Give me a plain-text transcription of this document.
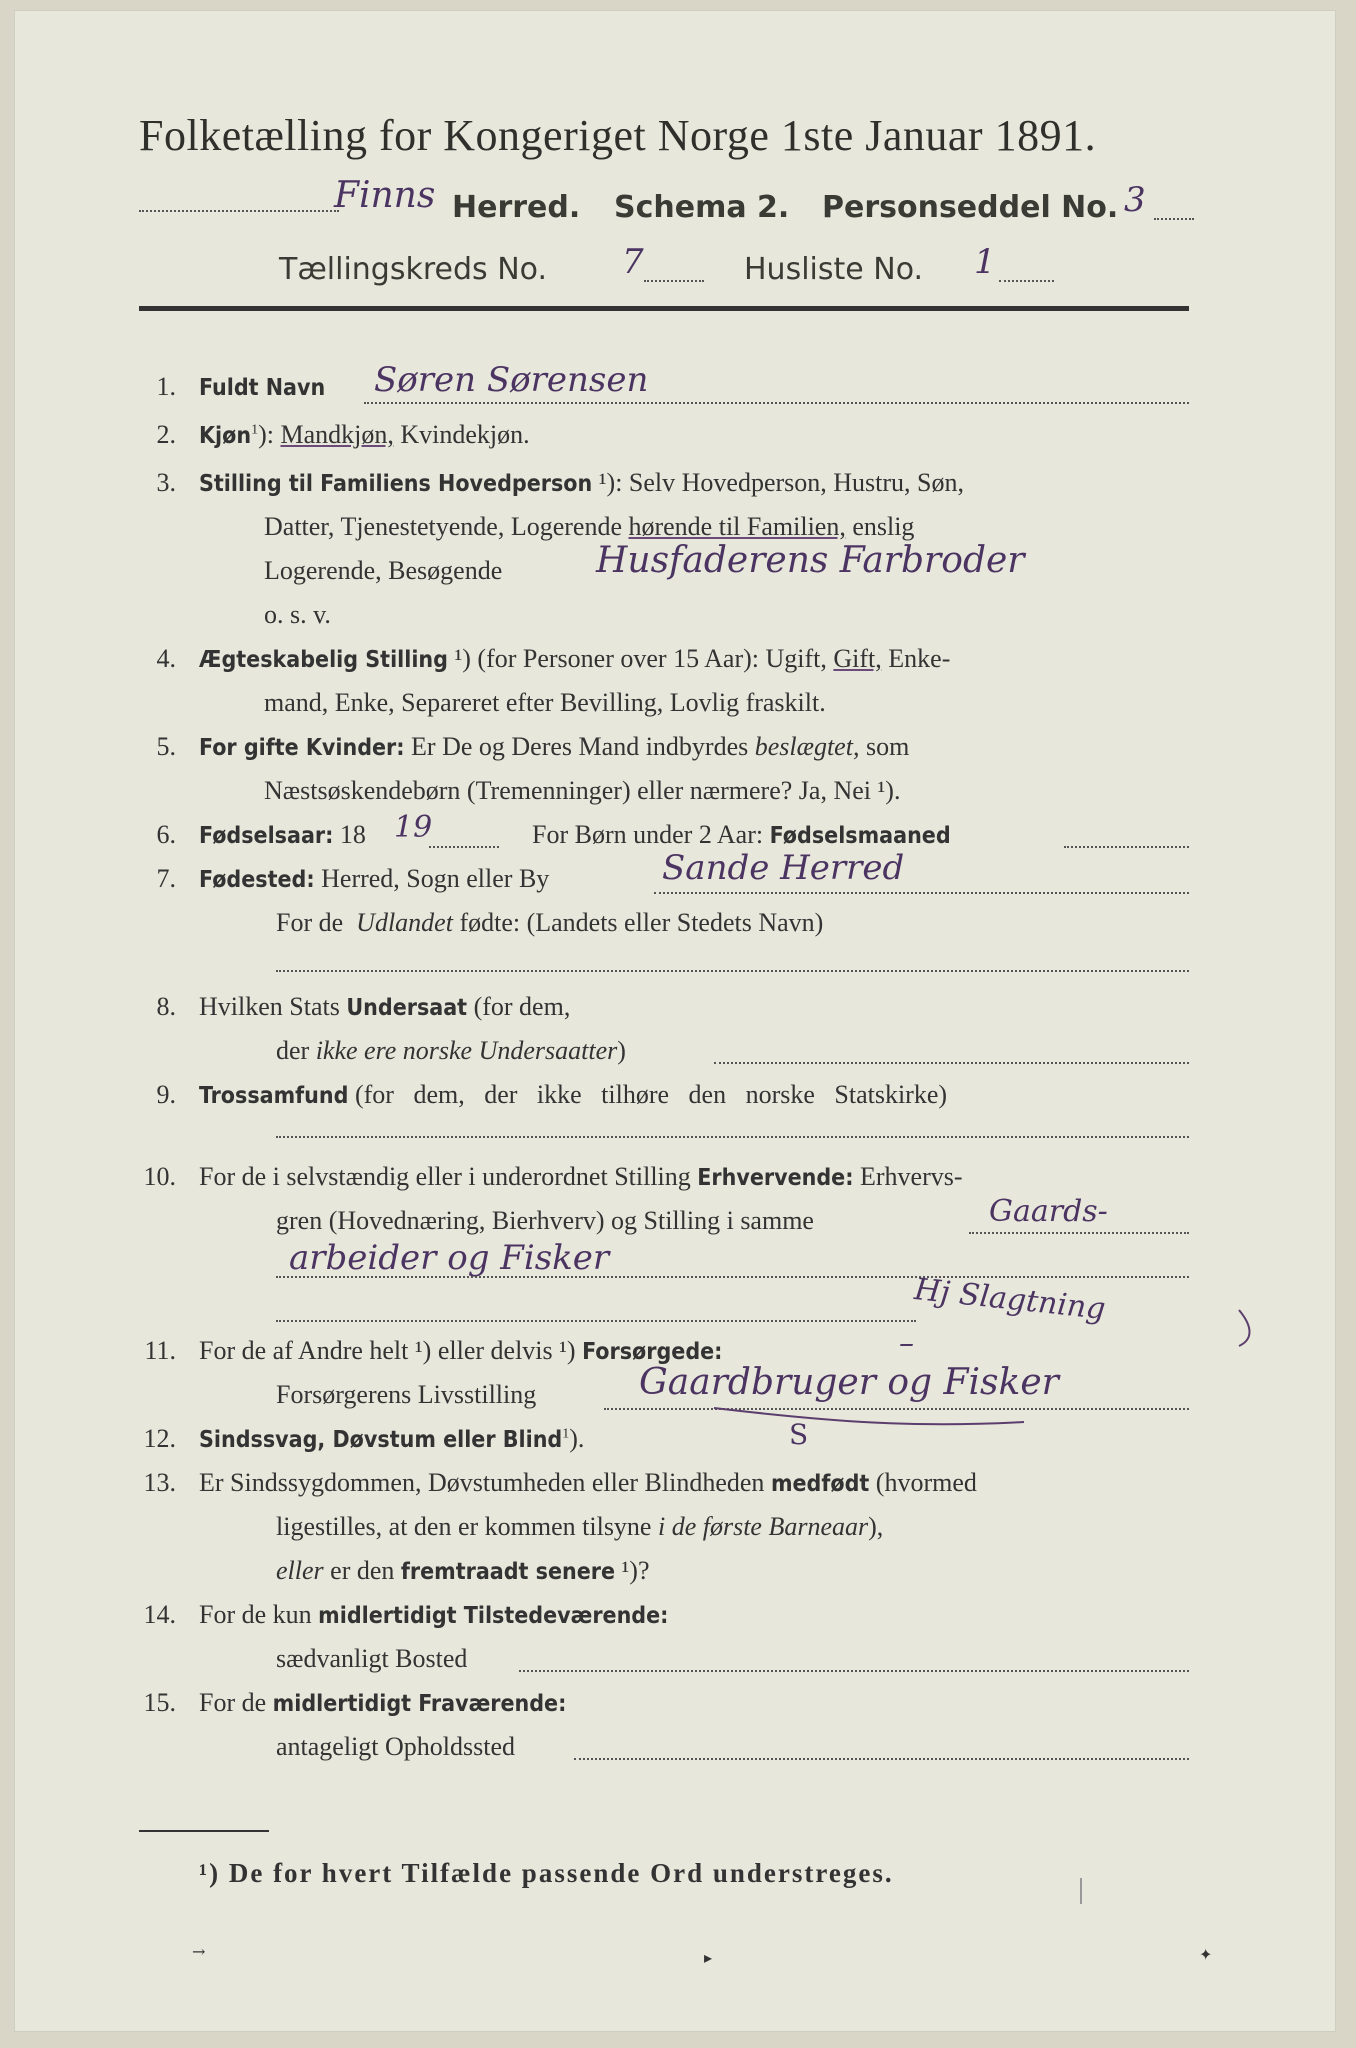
Folketælling for Kongeriget Norge 1ste Januar 1891.
Finns Herred. Schema 2. Personseddel No. 3
Tællingskreds No. 7	Husliste No. 1
1. Fuldt Navn Søren Sørensen
2. Kjøn$^1$): Mandkjøn, Kvindekjøn.
3. Stilling til Familiens Hovedperson ¹): Selv Hovedperson, Hustru, Søn,
Datter, Tjenestetyende, Logerende hørende til Familien, enslig
Logerende, Besøgende	Husfaderens Farbroder
o. s. v.
4. Ægteskabelig Stilling ¹) (for Personer over 15 Aar): Ugift, Gift, Enke-
mand, Enke, Separeret efter Bevilling, Lovlig fraskilt.
5. For gifte Kvinder: Er De og Deres Mand indbyrdes beslægtet, som
Næstsøskendebørn (Tremenninger) eller nærmere? Ja, Nei ¹).
6. Fødselsaar: 18 19	For Børn under 2 Aar: Fødselsmaaned
7. Fødested: Herred, Sogn eller By	Sande Herred
For de Udlandet fødte: (Landets eller Stedets Navn)
8. Hvilken Stats Undersaat (for dem,
der ikke ere norske Undersaatter)
9. Trossamfund (for   dem,   der   ikke   tilhøre   den   norske   Statskirke)
10. For de i selvstændig eller i underordnet Stilling Erhvervende: Erhvervs-
gren (Hovednæring, Bierhverv) og Stilling i samme	Gaards-
arbeider og Fisker
Hj Slagtning
11. For de af Andre helt ¹) eller delvis ¹) Forsørgede:	–
Forsørgerens Livsstilling	Gaardbruger og Fisker
12. Sindssvag, Døvstum eller Blind$^1$).	S
13. Er Sindssygdommen, Døvstumheden eller Blindheden medfødt (hvormed
ligestilles, at den er kommen tilsyne i de første Barneaar),
eller er den fremtraadt senere ¹)?
14. For de kun midlertidigt Tilstedeværende:
sædvanligt Bosted
15. For de midlertidigt Fraværende:
antageligt Opholdssted
¹) De for hvert Tilfælde passende Ord understreges.
→	▸	✦
